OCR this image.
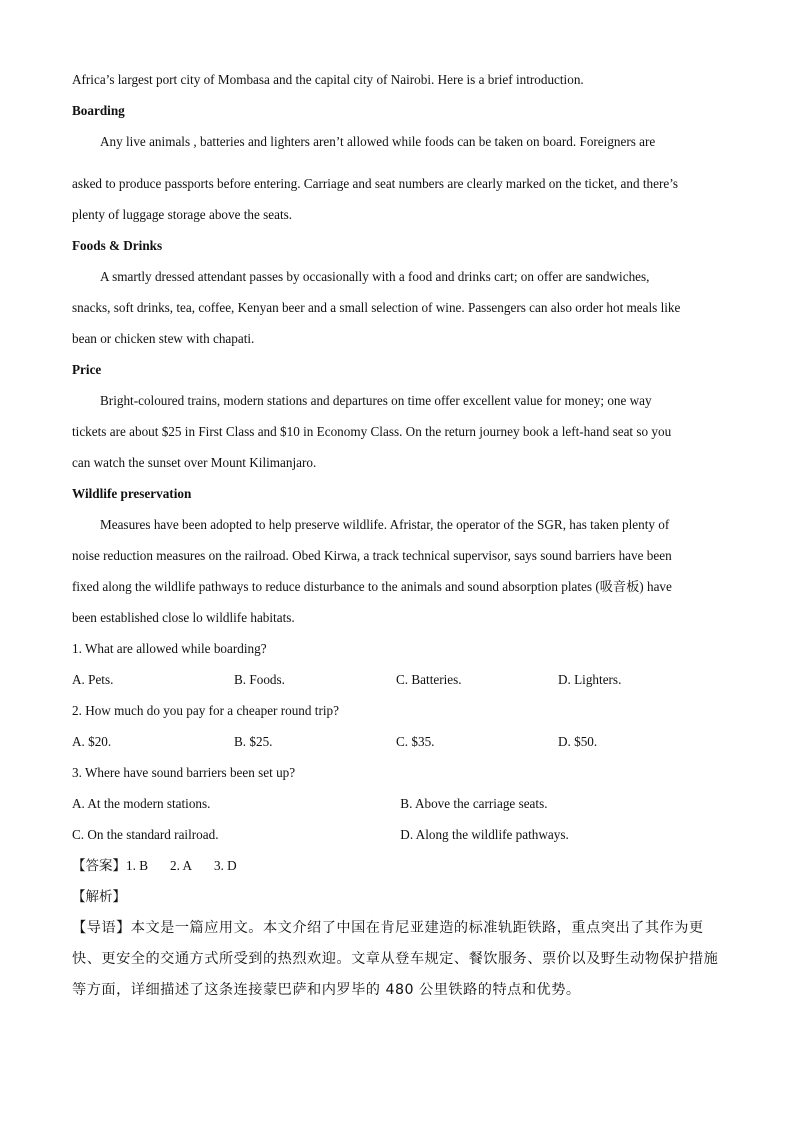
Africa’s largest port city of Mombasa and the capital city of Nairobi. Here is a brief introduction.
Boarding
Any live animals , batteries and lighters aren’t allowed while foods can be taken on board. Foreigners are
asked to produce passports before entering. Carriage and seat numbers are clearly marked on the ticket, and there’s
plenty of luggage storage above the seats.
Foods & Drinks
A smartly dressed attendant passes by occasionally with a food and drinks cart; on offer are sandwiches,
snacks, soft drinks, tea, coffee, Kenyan beer and a small selection of wine. Passengers can also order hot meals like
bean or chicken stew with chapati.
Price
Bright-coloured trains, modern stations and departures on time offer excellent value for money; one way
tickets are about $25 in First Class and $10 in Economy Class. On the return journey book a left-hand seat so you
can watch the sunset over Mount Kilimanjaro.
Wildlife preservation
Measures have been adopted to help preserve wildlife. Afristar, the operator of the SGR, has taken plenty of
noise reduction measures on the railroad. Obed Kirwa, a track technical supervisor, says sound barriers have been
fixed along the wildlife pathways to reduce disturbance to the animals and sound absorption plates (吸音板) have
been established close lo wildlife habitats.
1. What are allowed while boarding?
A. Pets.	B. Foods.	C. Batteries.	D. Lighters.
2. How much do you pay for a cheaper round trip?
A. $20.	B. $25.	C. $35.	D. $50.
3. Where have sound barriers been set up?
A. At the modern stations.	B. Above the carriage seats.
C. On the standard railroad.	D. Along the wildlife pathways.
【答案】1. B 2. A 3. D
【解析】
【导语】本文是一篇应用文。本文介绍了中国在肯尼亚建造的标准轨距铁路，重点突出了其作为更快、更安全的交通方式所受到的热烈欢迎。文章从登车规定、餐饮服务、票价以及野生动物保护措施等方面，详细描述了这条连接蒙巴萨和内罗毕的 480 公里铁路的特点和优势。
